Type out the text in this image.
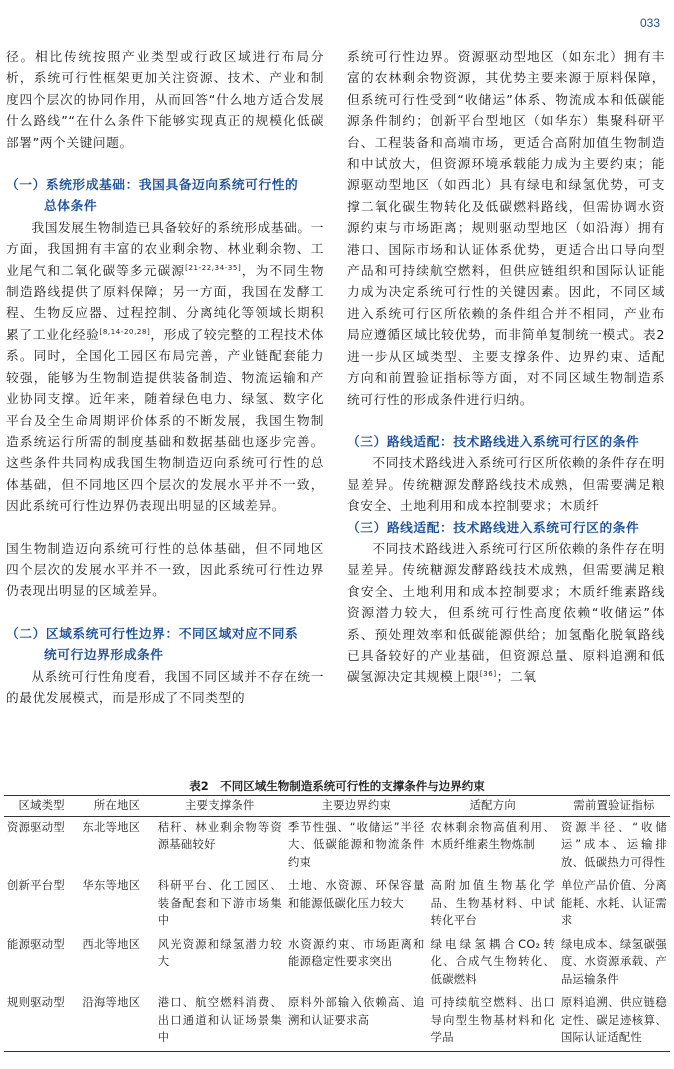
033

径。相比传统按照产业类型或行政区域进行布局分析，系统可行性框架更加关注资源、技术、产业和制度四个层次的协同作用，从而回答“什么地方适合发展什么路线”“在什么条件下能够实现真正的规模化低碳部署”两个关键问题。

（一）系统形成基础：我国具备迈向系统可行性的
总体条件

我国发展生物制造已具备较好的系统形成基础。一方面，我国拥有丰富的农业剩余物、林业剩余物、工业尾气和二氧化碳等多元碳源[21-22,34-35]，为不同生物制造路线提供了原料保障；另一方面，我国在发酵工程、生物反应器、过程控制、分离纯化等领域长期积累了工业化经验[8,14-20,28]，形成了较完整的工程技术体系。同时，全国化工园区布局完善，产业链配套能力较强，能够为生物制造提供装备制造、物流运输和产业协同支撑。近年来，随着绿色电力、绿氢、数字化平台及全生命周期评价体系的不断发展，我国生物制造系统运行所需的制度基础和数据基础也逐步完善。这些条件共同构成我国生物制造迈向系统可行性的总体基础，但不同地区四个层次的发展水平并不一致，因此系统可行性边界仍表现出明显的区域差异。

国生物制造迈向系统可行性的总体基础，但不同地区四个层次的发展水平并不一致，因此系统可行性边界仍表现出明显的区域差异。

（二）区域系统可行性边界：不同区域对应不同系
统可行边界形成条件

从系统可行性角度看，我国不同区域并不存在统一的最优发展模式，而是形成了不同类型的

系统可行性边界。资源驱动型地区（如东北）拥有丰富的农林剩余物资源，其优势主要来源于原料保障，但系统可行性受到“收储运”体系、物流成本和低碳能源条件制约；创新平台型地区（如华东）集聚科研平台、工程装备和高端市场，更适合高附加值生物制造和中试放大，但资源环境承载能力成为主要约束；能源驱动型地区（如西北）具有绿电和绿氢优势，可支撑二氧化碳生物转化及低碳燃料路线，但需协调水资源约束与市场距离；规则驱动型地区（如沿海）拥有港口、国际市场和认证体系优势，更适合出口导向型产品和可持续航空燃料，但供应链组织和国际认证能力成为决定系统可行性的关键因素。因此，不同区域进入系统可行区所依赖的条件组合并不相同，产业布局应遵循区域比较优势，而非简单复制统一模式。表2进一步从区域类型、主要支撑条件、边界约束、适配方向和前置验证指标等方面，对不同区域生物制造系统可行性的形成条件进行归纳。

（三）路线适配：技术路线进入系统可行区的条件

不同技术路线进入系统可行区所依赖的条件存在明显差异。传统糖源发酵路线技术成熟，但需要满足粮食安全、土地利用和成本控制要求；木质纤

（三）路线适配：技术路线进入系统可行区的条件

不同技术路线进入系统可行区所依赖的条件存在明显差异。传统糖源发酵路线技术成熟，但需要满足粮食安全、土地利用和成本控制要求；木质纤维素路线资源潜力较大，但系统可行性高度依赖“收储运”体系、预处理效率和低碳能源供给；加氢酯化脱氧路线已具备较好的产业基础，但资源总量、原料追溯和低碳氢源决定其规模上限[36]；二氧

表2　不同区域生物制造系统可行性的支撑条件与边界约束
区域类型	所在地区	主要支撑条件	主要边界约束	适配方向	需前置验证指标
资源驱动型	东北等地区	秸秆、林业剩余物等资源基础较好	季节性强、“收储运”半径大、低碳能源和物流条件约束	农林剩余物高值利用、木质纤维素生物炼制	资源半径、“收储运”成本、运输排放、低碳热力可得性
创新平台型	华东等地区	科研平台、化工园区、装备配套和下游市场集中	土地、水资源、环保容量和能源低碳化压力较大	高附加值生物基化学品、生物基材料、中试转化平台	单位产品价值、分离能耗、水耗、认证需求
能源驱动型	西北等地区	风光资源和绿氢潜力较大	水资源约束、市场距离和能源稳定性要求突出	绿电绿氢耦合CO₂转化、合成气生物转化、低碳燃料	绿电成本、绿氢碳强度、水资源承载、产品运输条件
规则驱动型	沿海等地区	港口、航空燃料消费、出口通道和认证场景集中	原料外部输入依赖高、追溯和认证要求高	可持续航空燃料、出口导向型生物基材料和化学品	原料追溯、供应链稳定性、碳足迹核算、国际认证适配性
